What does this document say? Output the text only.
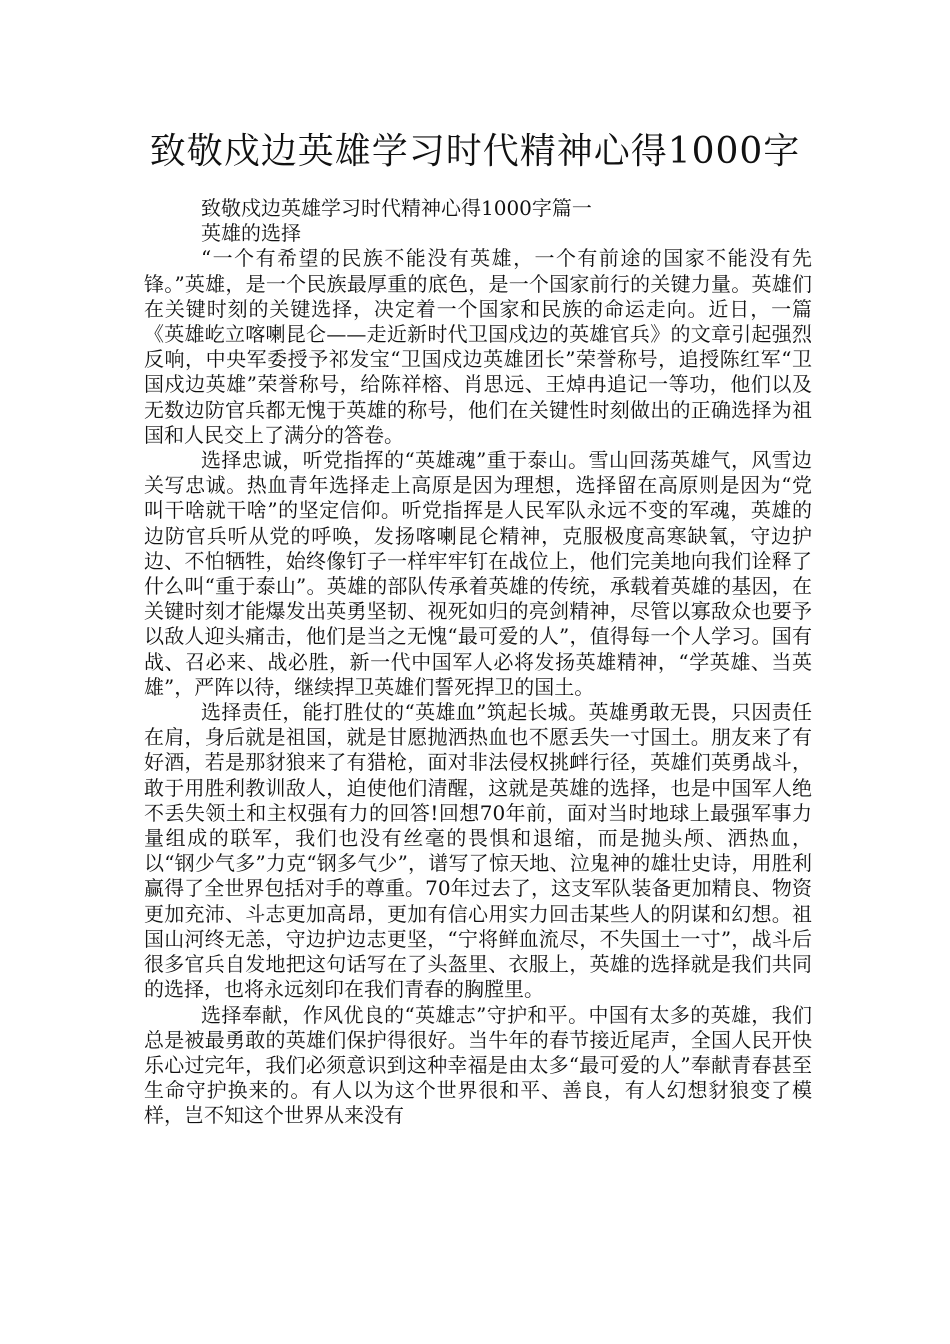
致敬戍边英雄学习时代精神心得1000字

致敬戍边英雄学习时代精神心得1000字篇一

英雄的选择

“一个有希望的民族不能没有英雄，一个有前途的国家不能没有先锋。”英雄，是一个民族最厚重的底色，是一个国家前行的关键力量。英雄们在关键时刻的关键选择，决定着一个国家和民族的命运走向。近日，一篇《英雄屹立喀喇昆仑——走近新时代卫国戍边的英雄官兵》的文章引起强烈反响，中央军委授予祁发宝“卫国戍边英雄团长”荣誉称号，追授陈红军“卫国戍边英雄”荣誉称号，给陈祥榕、肖思远、王焯冉追记一等功，他们以及无数边防官兵都无愧于英雄的称号，他们在关键性时刻做出的正确选择为祖国和人民交上了满分的答卷。

选择忠诚，听党指挥的“英雄魂”重于泰山。雪山回荡英雄气，风雪边关写忠诚。热血青年选择走上高原是因为理想，选择留在高原则是因为“党叫干啥就干啥”的坚定信仰。听党指挥是人民军队永远不变的军魂，英雄的边防官兵听从党的呼唤，发扬喀喇昆仑精神，克服极度高寒缺氧，守边护边、不怕牺牲，始终像钉子一样牢牢钉在战位上，他们完美地向我们诠释了什么叫“重于泰山”。英雄的部队传承着英雄的传统，承载着英雄的基因，在关键时刻才能爆发出英勇坚韧、视死如归的亮剑精神，尽管以寡敌众也要予以敌人迎头痛击，他们是当之无愧“最可爱的人”，值得每一个人学习。国有战、召必来、战必胜，新一代中国军人必将发扬英雄精神，“学英雄、当英雄”，严阵以待，继续捍卫英雄们誓死捍卫的国土。

选择责任，能打胜仗的“英雄血”筑起长城。英雄勇敢无畏，只因责任在肩，身后就是祖国，就是甘愿抛洒热血也不愿丢失一寸国土。朋友来了有好酒，若是那豺狼来了有猎枪，面对非法侵权挑衅行径，英雄们英勇战斗，敢于用胜利教训敌人，迫使他们清醒，这就是英雄的选择，也是中国军人绝不丢失领土和主权强有力的回答!回想70年前，面对当时地球上最强军事力量组成的联军，我们也没有丝毫的畏惧和退缩，而是抛头颅、洒热血，以“钢少气多”力克“钢多气少”，谱写了惊天地、泣鬼神的雄壮史诗，用胜利赢得了全世界包括对手的尊重。70年过去了，这支军队装备更加精良、物资更加充沛、斗志更加高昂，更加有信心用实力回击某些人的阴谋和幻想。祖国山河终无恙，守边护边志更坚，“宁将鲜血流尽，不失国土一寸”，战斗后很多官兵自发地把这句话写在了头盔里、衣服上，英雄的选择就是我们共同的选择，也将永远刻印在我们青春的胸膛里。

选择奉献，作风优良的“英雄志”守护和平。中国有太多的英雄，我们总是被最勇敢的英雄们保护得很好。当牛年的春节接近尾声，全国人民开快乐心过完年，我们必须意识到这种幸福是由太多“最可爱的人”奉献青春甚至生命守护换来的。有人以为这个世界很和平、善良，有人幻想豺狼变了模样，岂不知这个世界从来没有
